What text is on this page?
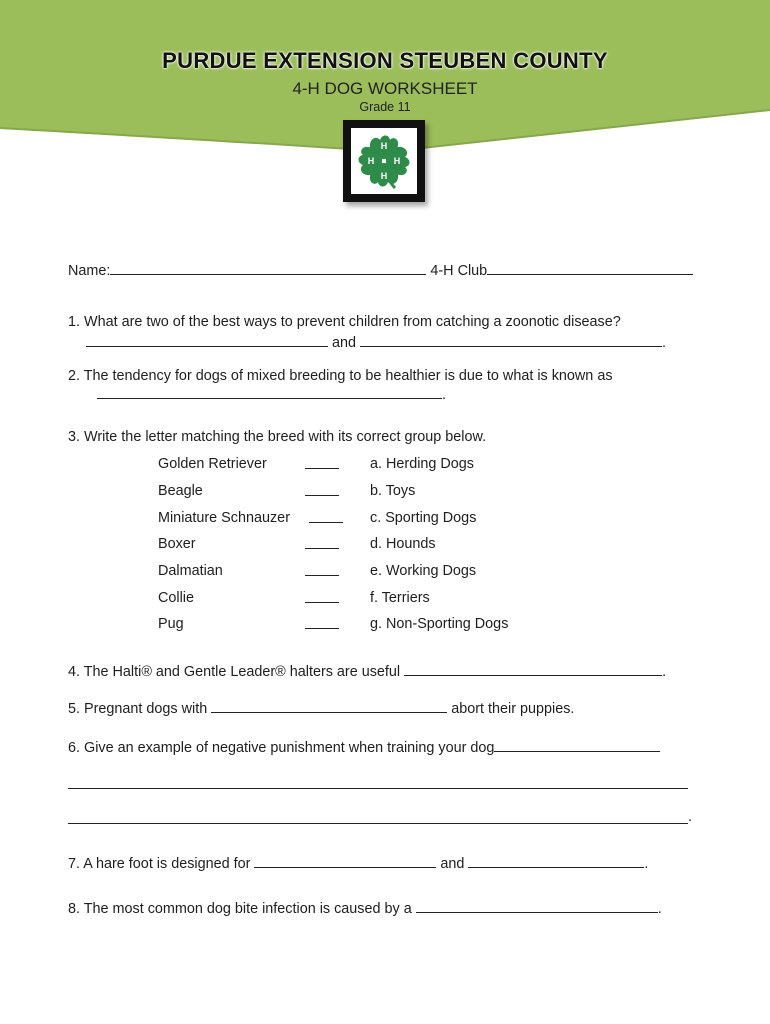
PURDUE EXTENSION STEUBEN COUNTY
4-H DOG WORKSHEET
Grade 11
H
H
H
H
Name:	4-H Club
1. What are two of the best ways to prevent children from catching a zoonotic disease?
and	.
2. The tendency for dogs of mixed breeding to be healthier is due to what is known as
.
3. Write the letter matching the breed with its correct group below.
Golden Retriever	a. Herding Dogs
Beagle	b. Toys
Miniature Schnauzer	c. Sporting Dogs
Boxer	d. Hounds
Dalmatian	e. Working Dogs
Collie	f. Terriers
Pug	g. Non-Sporting Dogs
4. The Halti® and Gentle Leader® halters are useful	.
5. Pregnant dogs with	abort their puppies.
6. Give an example of negative punishment when training your dog
.
7. A hare foot is designed for	and	.
8. The most common dog bite infection is caused by a	.
